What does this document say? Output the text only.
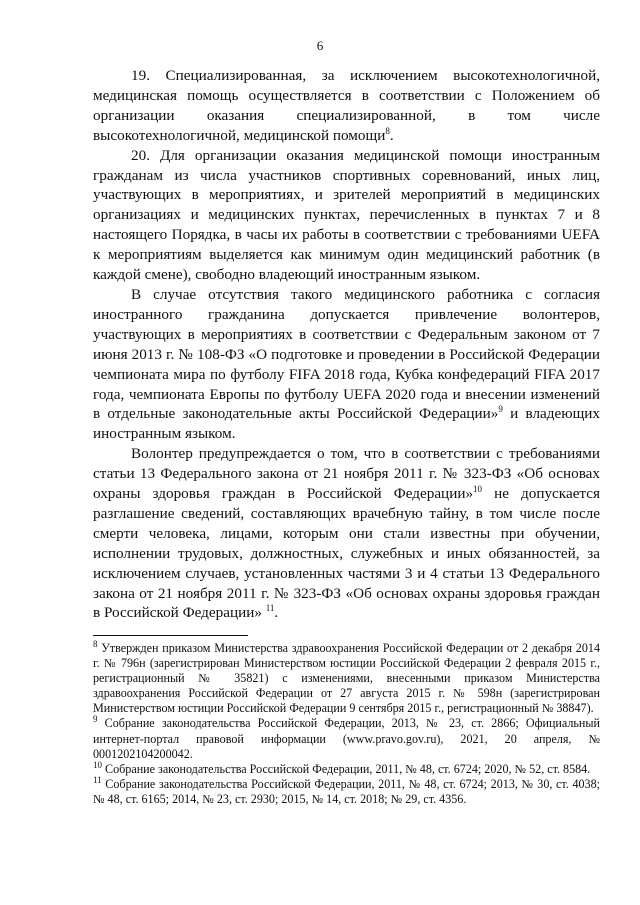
6

19. Специализированная, за исключением высокотехнологичной, медицинская помощь осуществляется в соответствии с Положением об организации оказания специализированной, в том числе высокотехнологичной, медицинской помощи$^8$.

20. Для организации оказания медицинской помощи иностранным гражданам из числа участников спортивных соревнований, иных лиц, участвующих в мероприятиях, и зрителей мероприятий в медицинских организациях и медицинских пунктах, перечисленных в пунктах 7 и 8 настоящего Порядка, в часы их работы в соответствии с требованиями UEFA к мероприятиям выделяется как минимум один медицинский работник (в каждой смене), свободно владеющий иностранным языком.

В случае отсутствия такого медицинского работника с согласия иностранного гражданина допускается привлечение волонтеров, участвующих в мероприятиях в соответствии с Федеральным законом от 7 июня 2013 г. № 108-ФЗ «О подготовке и проведении в Российской Федерации чемпионата мира по футболу FIFA 2018 года, Кубка конфедераций FIFA 2017 года, чемпионата Европы по футболу UEFA 2020 года и внесении изменений в отдельные законодательные акты Российской Федерации»$^9$ и владеющих иностранным языком.

Волонтер предупреждается о том, что в соответствии с требованиями статьи 13 Федерального закона от 21 ноября 2011 г. № 323-ФЗ «Об основах охраны здоровья граждан в Российской Федерации»$^{10}$ не допускается разглашение сведений, составляющих врачебную тайну, в том числе после смерти человека, лицами, которым они стали известны при обучении, исполнении трудовых, должностных, служебных и иных обязанностей, за исключением случаев, установленных частями 3 и 4 статьи 13 Федерального закона от 21 ноября 2011 г. № 323-ФЗ «Об основах охраны здоровья граждан в Российской Федерации» $^{11}$.

$^8$ Утвержден приказом Министерства здравоохранения Российской Федерации от 2 декабря 2014 г. № 796н (зарегистрирован Министерством юстиции Российской Федерации 2 февраля 2015 г., регистрационный № 35821) с изменениями, внесенными приказом Министерства здравоохранения Российской Федерации от 27 августа 2015 г. № 598н (зарегистрирован Министерством юстиции Российской Федерации 9 сентября 2015 г., регистрационный № 38847).

$^9$ Собрание законодательства Российской Федерации, 2013, № 23, ст. 2866; Официальный интернет-портал правовой информации (www.pravo.gov.ru), 2021, 20 апреля, № 0001202104200042.

$^{10}$ Собрание законодательства Российской Федерации, 2011, № 48, ст. 6724; 2020, № 52, ст. 8584.

$^{11}$ Собрание законодательства Российской Федерации, 2011, № 48, ст. 6724; 2013, № 30, ст. 4038; № 48, ст. 6165; 2014, № 23, ст. 2930; 2015, № 14, ст. 2018; № 29, ст. 4356.
